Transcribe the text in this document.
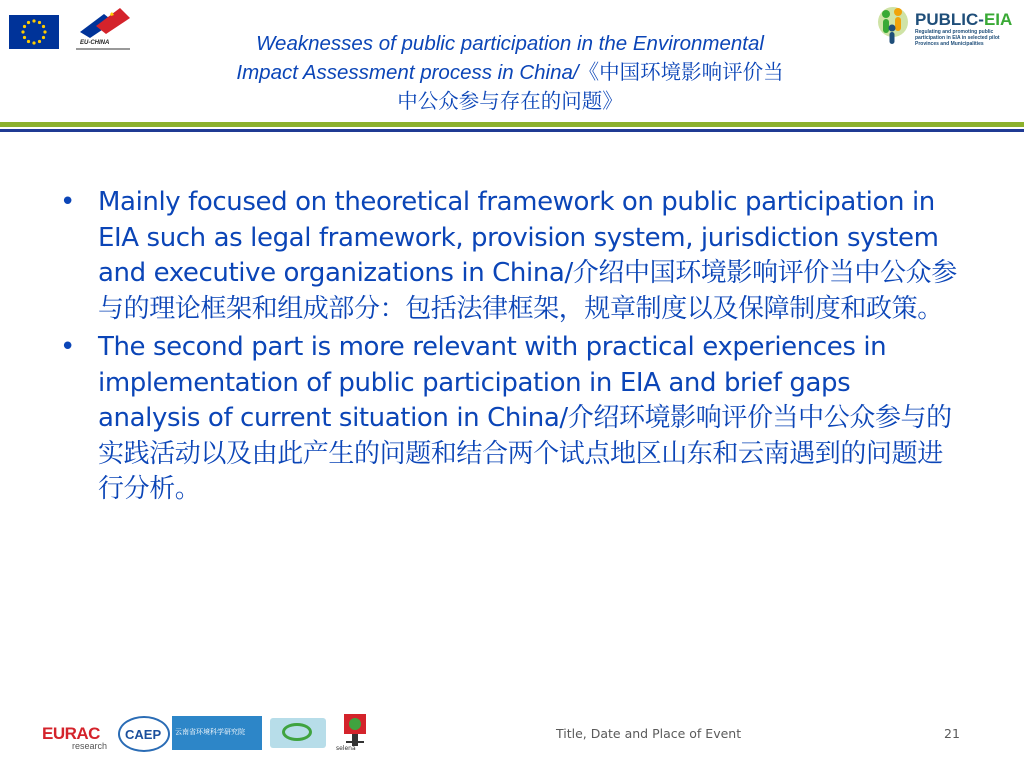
EU-CHINA
PUBLIC-EIA
Regulating and promoting public participation in EIA in selected pilot Provinces and Municipalities
Weaknesses of public participation in the Environmental
Impact Assessment process in China/《中国环境影响评价当
中公众参与存在的问题》
• Mainly focused on theoretical framework on public participation in EIA such as legal framework, provision system, jurisdiction system and executive organizations in China/介绍中国环境影响评价当中公众参与的理论框架和组成部分：包括法律框架，规章制度以及保障制度和政策。
• The second part is more relevant with practical experiences in implementation of public participation in EIA and brief gaps analysis of current situation in China/介绍环境影响评价当中公众参与的实践活动以及由此产生的问题和结合两个试点地区山东和云南遇到的问题进行分析。
EURAC
research
CAEP 云南省环境科学研究院
selena
Title, Date and Place of Event	21
